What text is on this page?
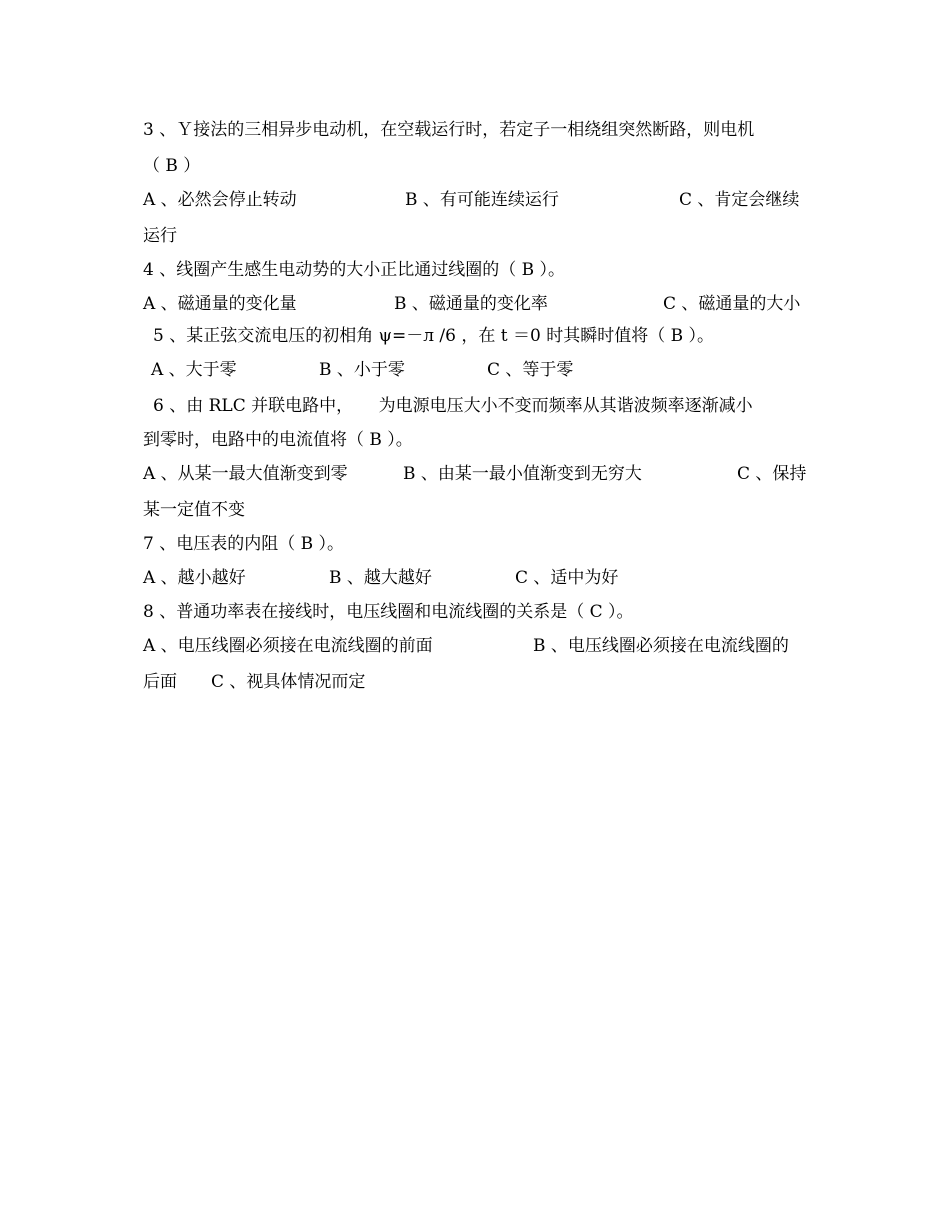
3 、Ｙ接法的三相异步电动机，在空载运行时，若定子一相绕组突然断路，则电机
（ B ）
A 、必然会停止转动	B 、有可能连续运行	C 、肯定会继续
运行
4 、线圈产生感生电动势的大小正比通过线圈的（ B ）。
A 、磁通量的变化量	B 、磁通量的变化率	C 、磁通量的大小
5 、某正弦交流电压的初相角 ψ=－л /6 ，在 t ＝0 时其瞬时值将（ B ）。
A 、大于零	B 、小于零	C 、等于零
6 、由 RLC 并联电路中，　　为电源电压大小不变而频率从其谐波频率逐渐减小
到零时，电路中的电流值将（ B ）。
A 、从某一最大值渐变到零	B 、由某一最小值渐变到无穷大	C 、保持
某一定值不变
7 、电压表的内阻（ B ）。
A 、越小越好	B 、越大越好	C 、适中为好
8 、普通功率表在接线时，电压线圈和电流线圈的关系是（ C ）。
A 、电压线圈必须接在电流线圈的前面	B 、电压线圈必须接在电流线圈的
后面　　C 、视具体情况而定
